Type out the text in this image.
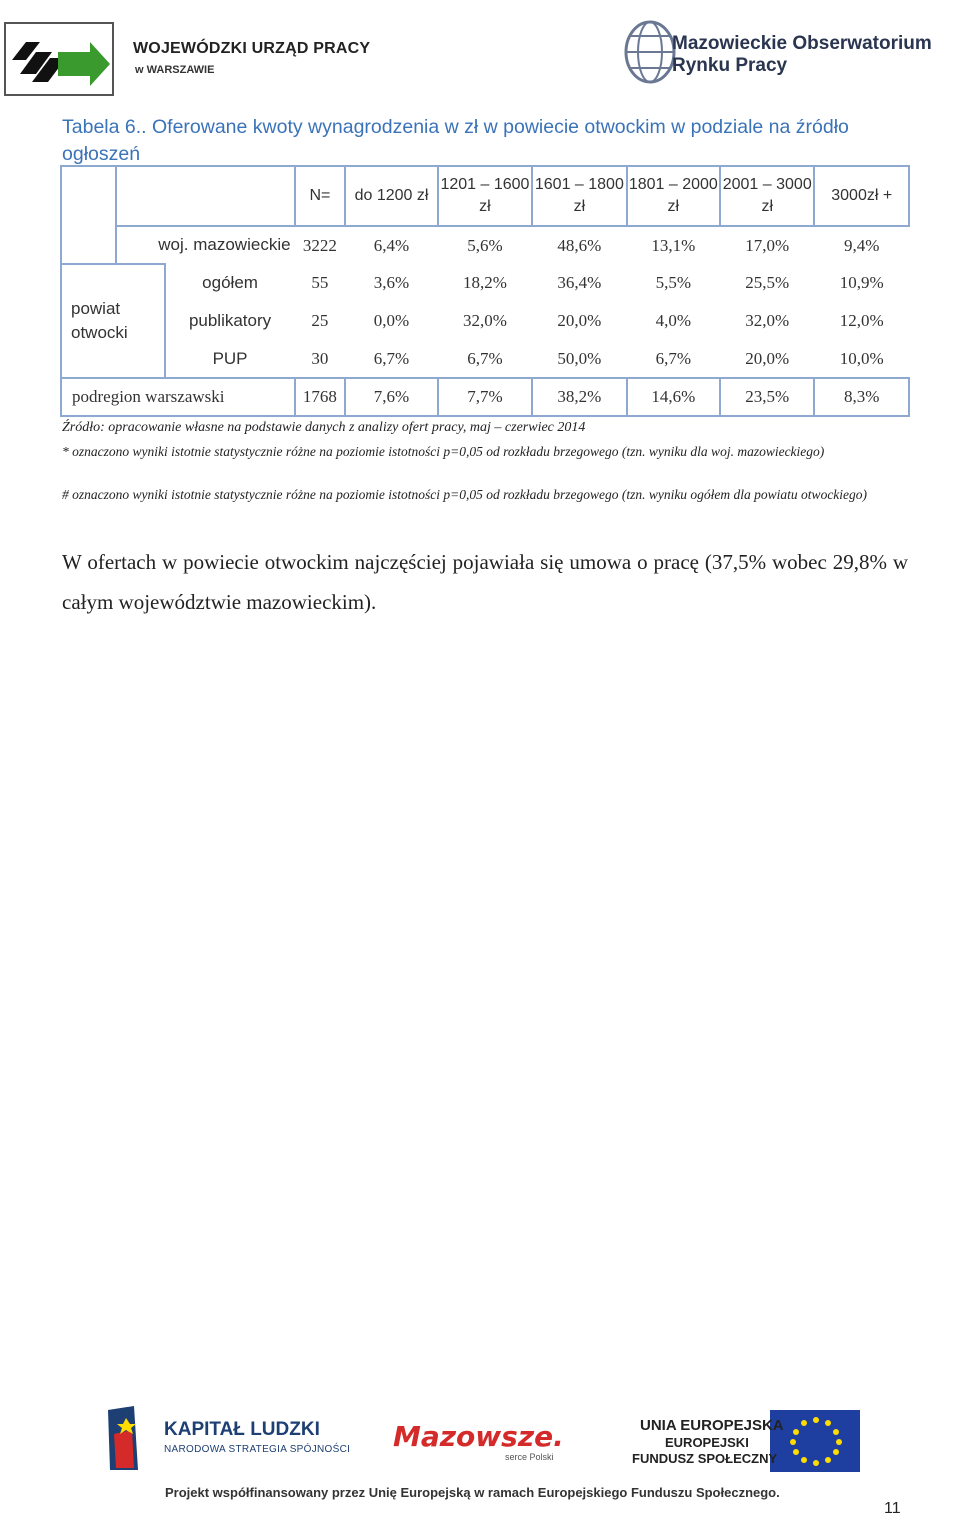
WOJEWÓDZKI URZĄD PRACY
w WARSZAWIE
Mazowieckie Obserwatorium
Rynku Pracy
Tabela 6.. Oferowane kwoty wynagrodzenia w zł w powiecie otwockim w podziale na źródło ogłoszeń
			N=	do 1200 zł	1201 – 1600 zł	1601 – 1800 zł	1801 – 2000 zł	2001 – 3000 zł	3000zł +
	woj. mazowieckie		3222	6,4%	5,6%	48,6%	13,1%	17,0%	9,4%
powiat otwocki		ogółem	55	3,6%	18,2%	36,4%	5,5%	25,5%	10,9%
		publikatory	25	0,0%	32,0%	20,0%	4,0%	32,0%	12,0%
		PUP	30	6,7%	6,7%	50,0%	6,7%	20,0%	10,0%
podregion warszawski			1768	7,6%	7,7%	38,2%	14,6%	23,5%	8,3%
Źródło: opracowanie własne na podstawie danych z analizy ofert pracy, maj – czerwiec 2014
* oznaczono wyniki istotnie statystycznie różne na poziomie istotności p=0,05 od rozkładu brzegowego (tzn. wyniku dla woj. mazowieckiego)
# oznaczono wyniki istotnie statystycznie różne na poziomie istotności p=0,05 od rozkładu brzegowego (tzn. wyniku ogółem dla powiatu otwockiego)
W ofertach w powiecie otwockim najczęściej pojawiała się umowa o pracę (37,5% wobec 29,8% w całym województwie mazowieckim).
KAPITAŁ LUDZKI
NARODOWA STRATEGIA SPÓJNOŚCI Mazowsze.
serce Polski
UNIA EUROPEJSKA
EUROPEJSKI
FUNDUSZ SPOŁECZNY
Projekt współfinansowany przez Unię Europejską w ramach Europejskiego Funduszu Społecznego.
11
